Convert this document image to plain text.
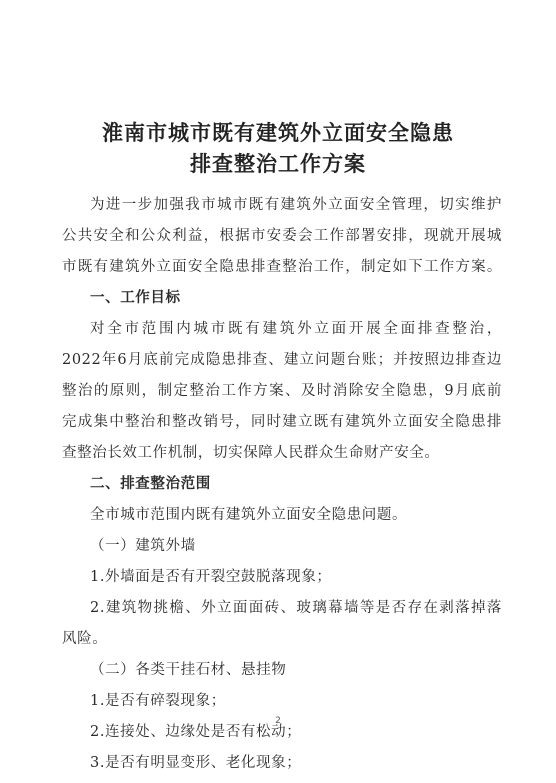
淮南市城市既有建筑外立面安全隐患
排查整治工作方案
为进一步加强我市城市既有建筑外立面安全管理，切实维护
公共安全和公众利益，根据市安委会工作部署安排，现就开展城
市既有建筑外立面安全隐患排查整治工作，制定如下工作方案。
一、工作目标
对全市范围内城市既有建筑外立面开展全面排查整治，
2022年6月底前完成隐患排查、建立问题台账；并按照边排查边
整治的原则，制定整治工作方案、及时消除安全隐患，9月底前
完成集中整治和整改销号，同时建立既有建筑外立面安全隐患排
查整治长效工作机制，切实保障人民群众生命财产安全。
二、排查整治范围
全市城市范围内既有建筑外立面安全隐患问题。
（一）建筑外墙
1.外墙面是否有开裂空鼓脱落现象；
2.建筑物挑檐、外立面面砖、玻璃幕墙等是否存在剥落掉落
风险。
（二）各类干挂石材、悬挂物
1.是否有碎裂现象；
2.连接处、边缘处是否有松动；
3.是否有明显变形、老化现象；
2
